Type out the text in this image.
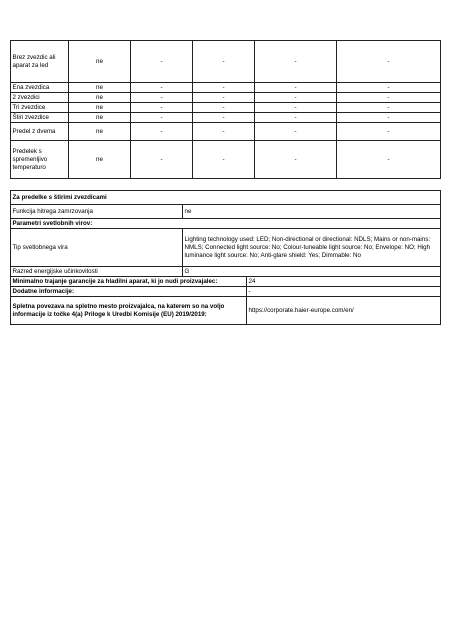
Brez zvezdic ali aparat za led	ne	-	-	-	-
Ena zvezdica	ne	-	-	-	-
2 zvezdici	ne	-	-	-	-
Tri zvezdice	ne	-	-	-	-
Štiri zvezdice	ne	-	-	-	-
Predel z dvema	ne	-	-	-	-
Predelek s spremenljivo temperaturo	ne	-	-	-	-
Za predelke s štirimi zvezdicami		
Funkcija hitrega zamrzovanja	ne	
Parametri svetlobnih virov:		
Tip svetlobnega vira	Lighting technology used: LED; Non-directional or directional: NDLS; Mains or non-mains: NMLS; Connected light source: No; Colour-tuneable light source: No; Envelope: NO; High luminance light source: No; Anti-glare shield: Yes; Dimmable: No	
Razred energijske učinkovitosti	G	
Minimalno trajanje garancije za hladilni aparat, ki jo nudi proizvajalec:		24
Dodatne informacije:		-
Spletna povezava na spletno mesto proizvajalca, na katerem so na voljo informacije iz točke 4(a) Priloge k Uredbi Komisije (EU) 2019/2019:		https://corporate.haier-europe.com/en/
